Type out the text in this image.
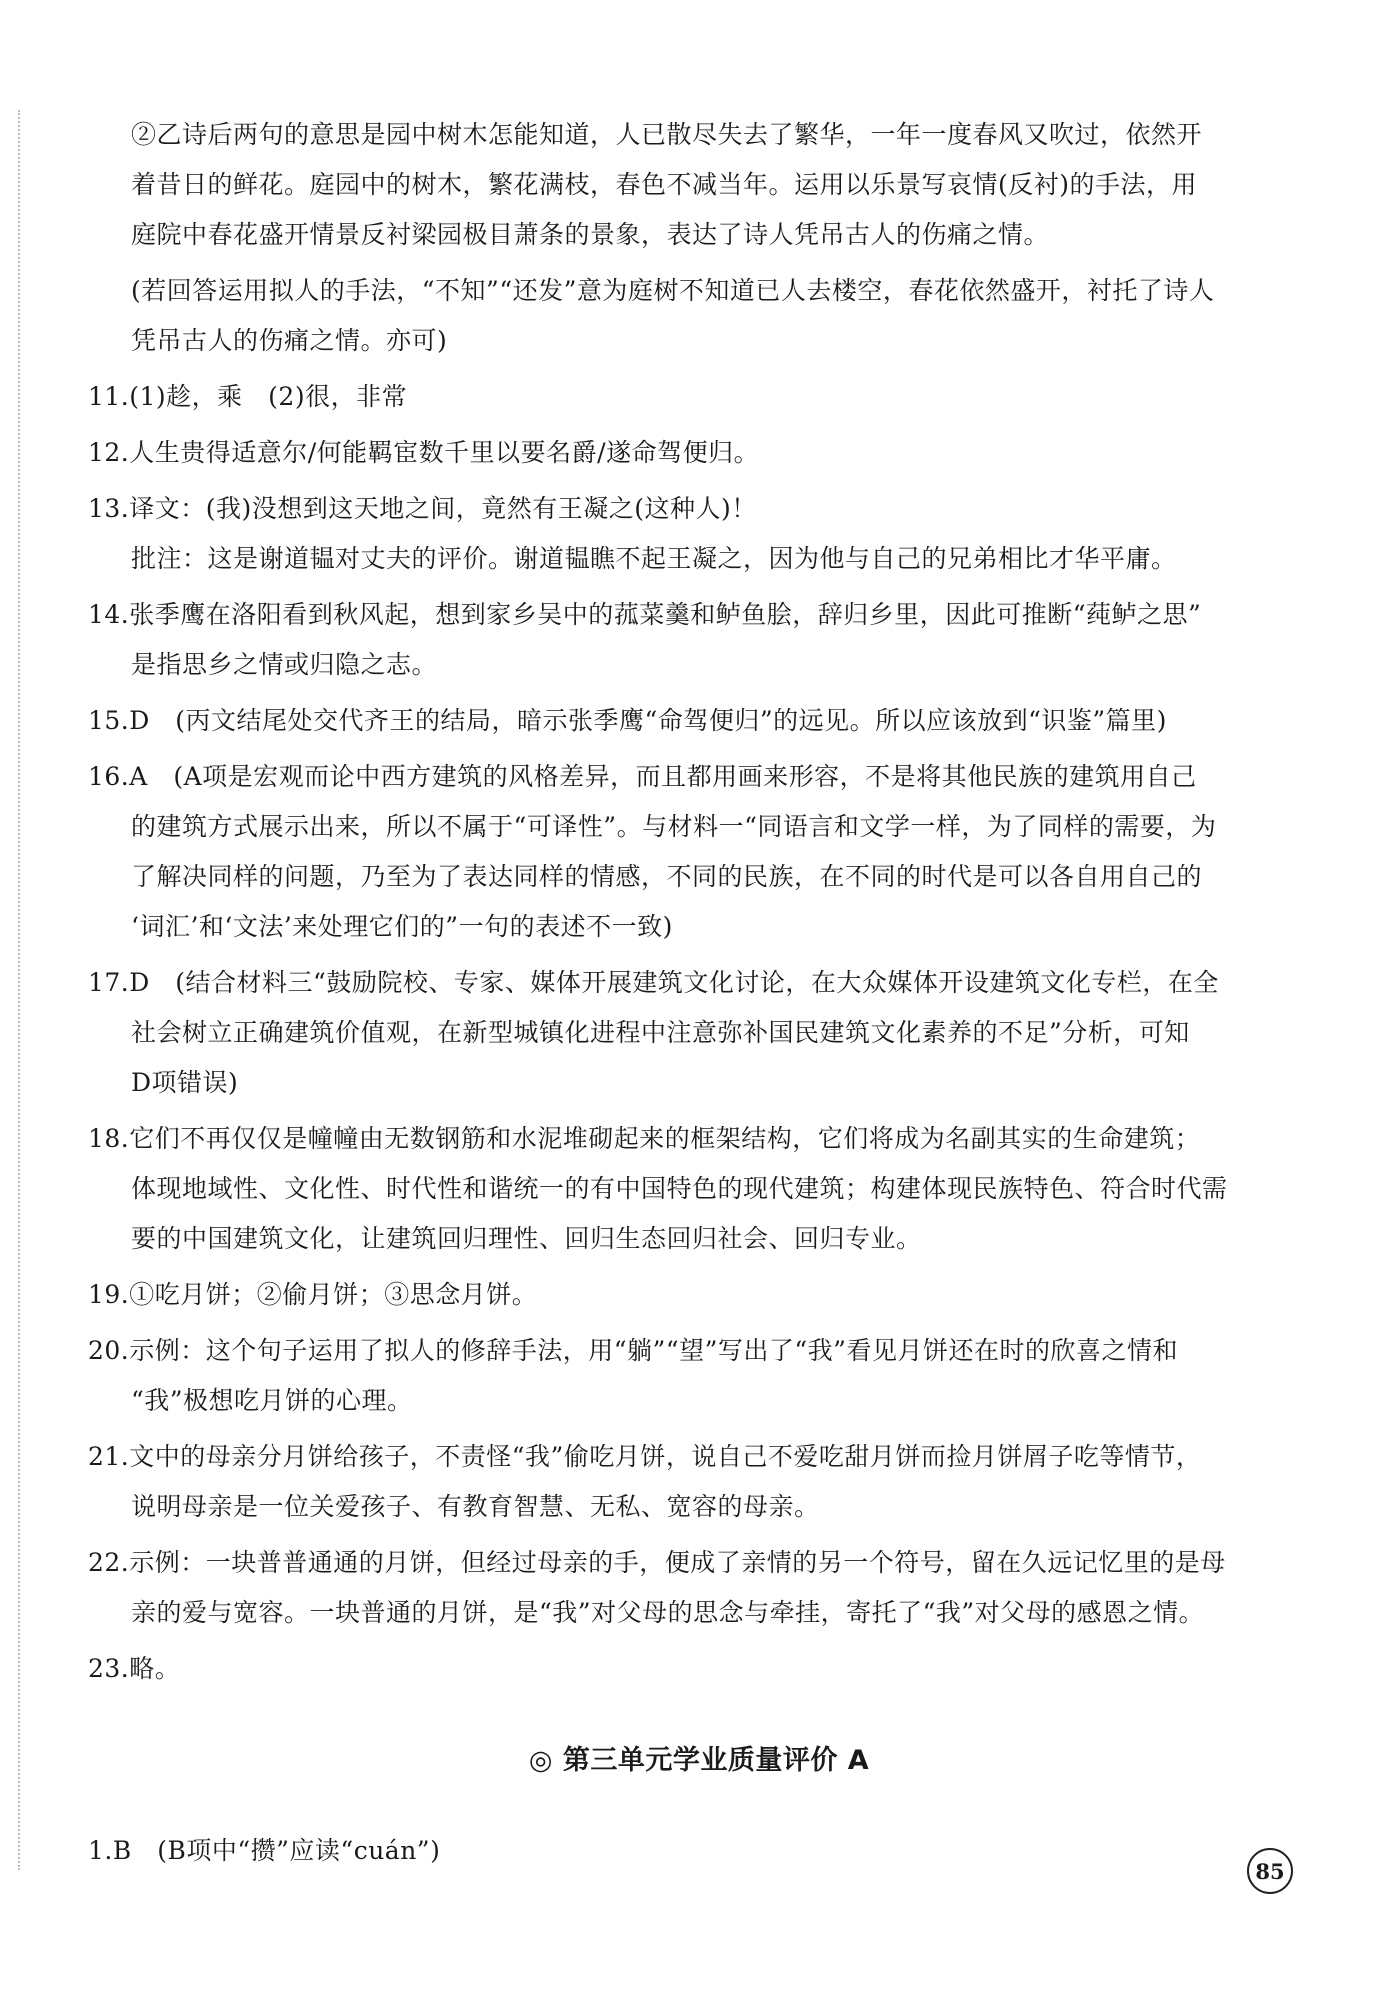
②乙诗后两句的意思是园中树木怎能知道，人已散尽失去了繁华，一年一度春风又吹过，依然开
着昔日的鲜花。庭园中的树木，繁花满枝，春色不减当年。运用以乐景写哀情(反衬)的手法，用
庭院中春花盛开情景反衬梁园极目萧条的景象，表达了诗人凭吊古人的伤痛之情。
(若回答运用拟人的手法，“不知”“还发”意为庭树不知道已人去楼空，春花依然盛开，衬托了诗人
凭吊古人的伤痛之情。亦可)
11.(1)趁，乘　(2)很，非常
12.人生贵得适意尔/何能羁宦数千里以要名爵/遂命驾便归。
13.译文：(我)没想到这天地之间，竟然有王凝之(这种人)！
批注：这是谢道韫对丈夫的评价。谢道韫瞧不起王凝之，因为他与自己的兄弟相比才华平庸。
14.张季鹰在洛阳看到秋风起，想到家乡吴中的菰菜羹和鲈鱼脍，辞归乡里，因此可推断“莼鲈之思”
是指思乡之情或归隐之志。
15.D　(丙文结尾处交代齐王的结局，暗示张季鹰“命驾便归”的远见。所以应该放到“识鉴”篇里)
16.A　(A项是宏观而论中西方建筑的风格差异，而且都用画来形容，不是将其他民族的建筑用自己
的建筑方式展示出来，所以不属于“可译性”。与材料一“同语言和文学一样，为了同样的需要，为
了解决同样的问题，乃至为了表达同样的情感，不同的民族，在不同的时代是可以各自用自己的
‘词汇’和‘文法’来处理它们的”一句的表述不一致)
17.D　(结合材料三“鼓励院校、专家、媒体开展建筑文化讨论，在大众媒体开设建筑文化专栏，在全
社会树立正确建筑价值观，在新型城镇化进程中注意弥补国民建筑文化素养的不足”分析，可知
D项错误)
18.它们不再仅仅是幢幢由无数钢筋和水泥堆砌起来的框架结构，它们将成为名副其实的生命建筑；
体现地域性、文化性、时代性和谐统一的有中国特色的现代建筑；构建体现民族特色、符合时代需
要的中国建筑文化，让建筑回归理性、回归生态回归社会、回归专业。
19.①吃月饼；②偷月饼；③思念月饼。
20.示例：这个句子运用了拟人的修辞手法，用“躺”“望”写出了“我”看见月饼还在时的欣喜之情和
“我”极想吃月饼的心理。
21.文中的母亲分月饼给孩子，不责怪“我”偷吃月饼，说自己不爱吃甜月饼而捡月饼屑子吃等情节，
说明母亲是一位关爱孩子、有教育智慧、无私、宽容的母亲。
22.示例：一块普普通通的月饼，但经过母亲的手，便成了亲情的另一个符号，留在久远记忆里的是母
亲的爱与宽容。一块普通的月饼，是“我”对父母的思念与牵挂，寄托了“我”对父母的感恩之情。
23.略。
◎ 第三单元学业质量评价 A
1.B　(B项中“攒”应读“cuán”)
85
